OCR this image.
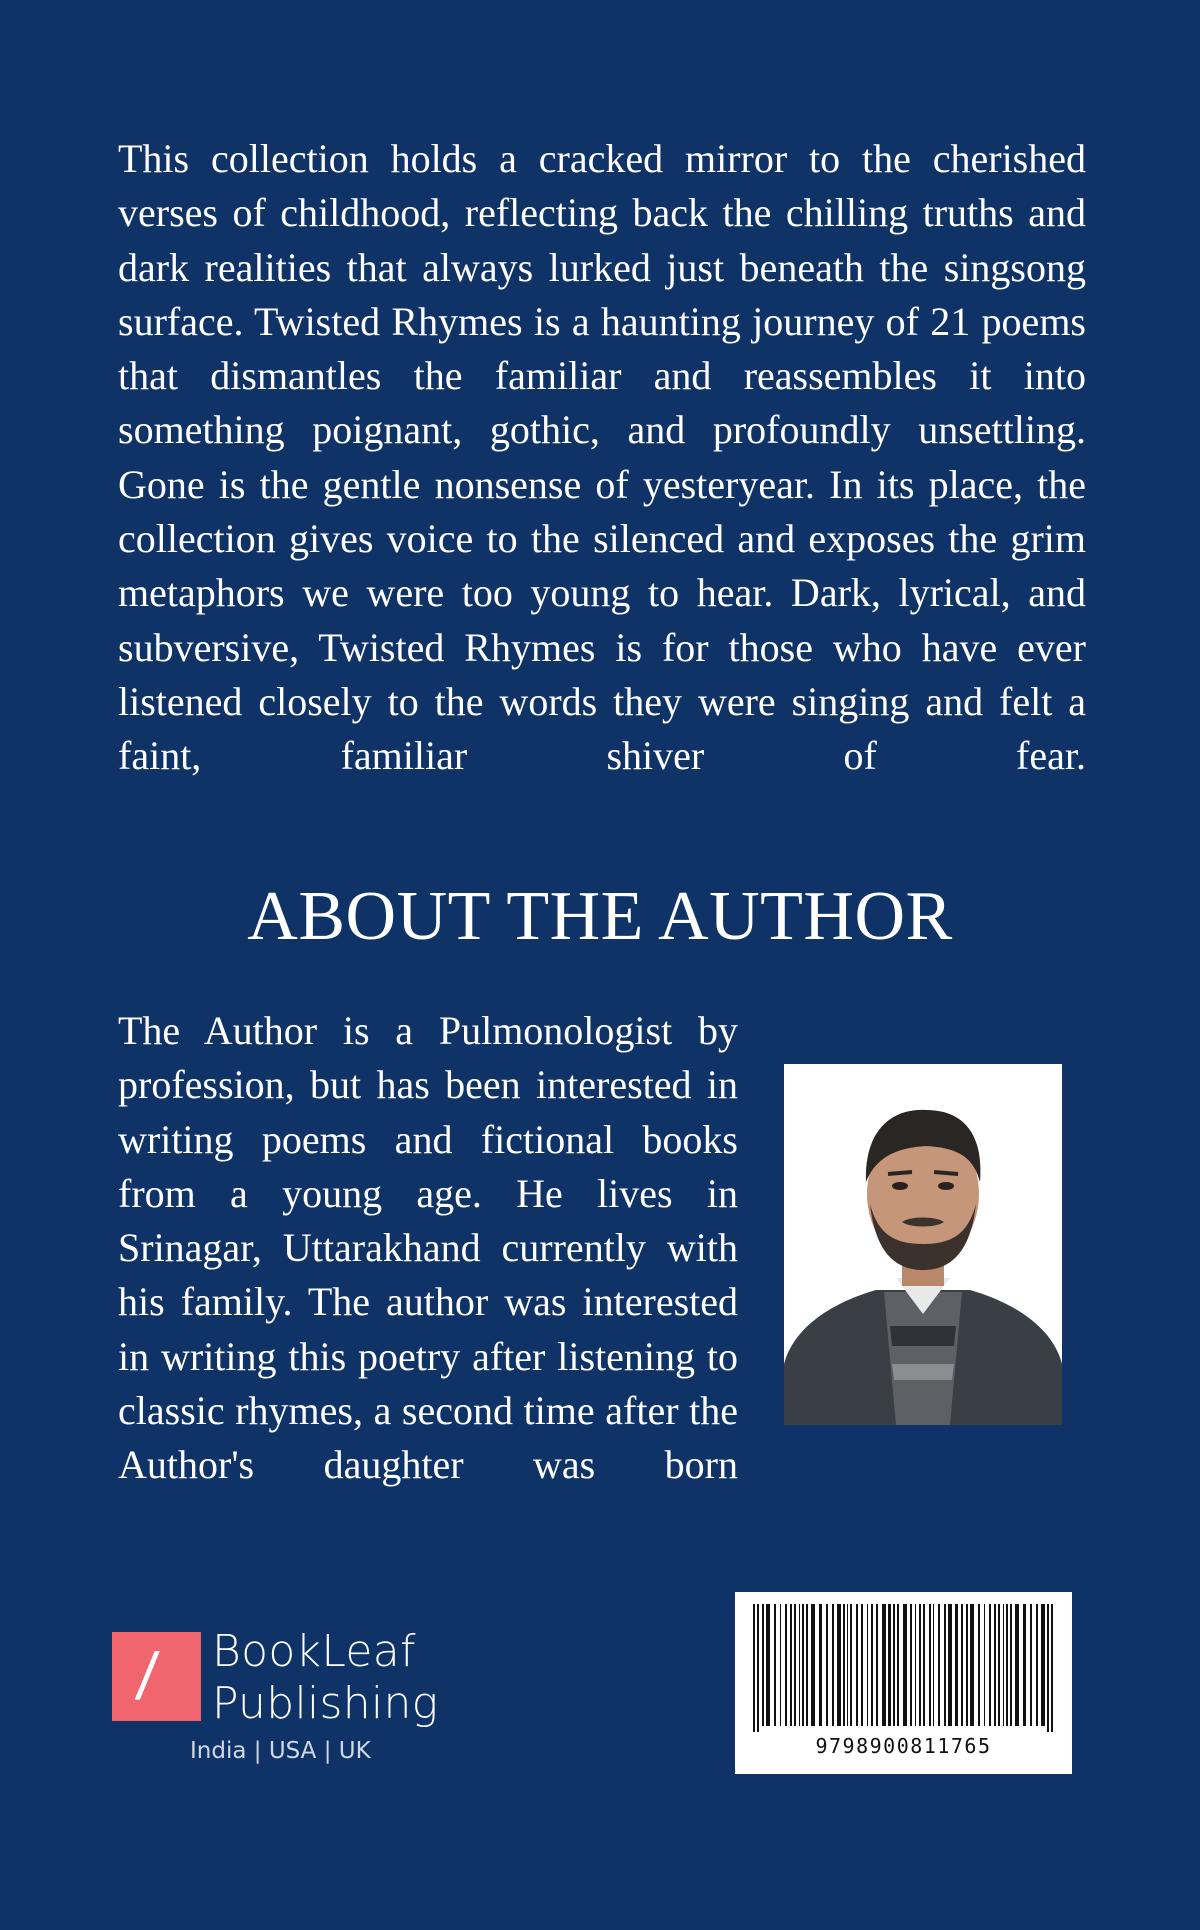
This collection holds a cracked mirror to the cherished verses of childhood, reflecting back the chilling truths and dark realities that always lurked just beneath the singsong surface. Twisted Rhymes is a haunting journey of 21 poems that dismantles the familiar and reassembles it into something poignant, gothic, and profoundly unsettling. Gone is the gentle nonsense of yesteryear. In its place, the collection gives voice to the silenced and exposes the grim metaphors we were too young to hear. Dark, lyrical, and subversive, Twisted Rhymes is for those who have ever listened closely to the words they were singing and felt a faint, familiar shiver of fear.

ABOUT THE AUTHOR

The Author is a Pulmonologist by profession, but has been interested in writing poems and fictional books from a young age. He lives in Srinagar, Uttarakhand currently with his family. The author was interested in writing this poetry after listening to classic rhymes, a second time after the Author's daughter was born

/ BookLeaf
Publishing
India | USA | UK	9798900811765
